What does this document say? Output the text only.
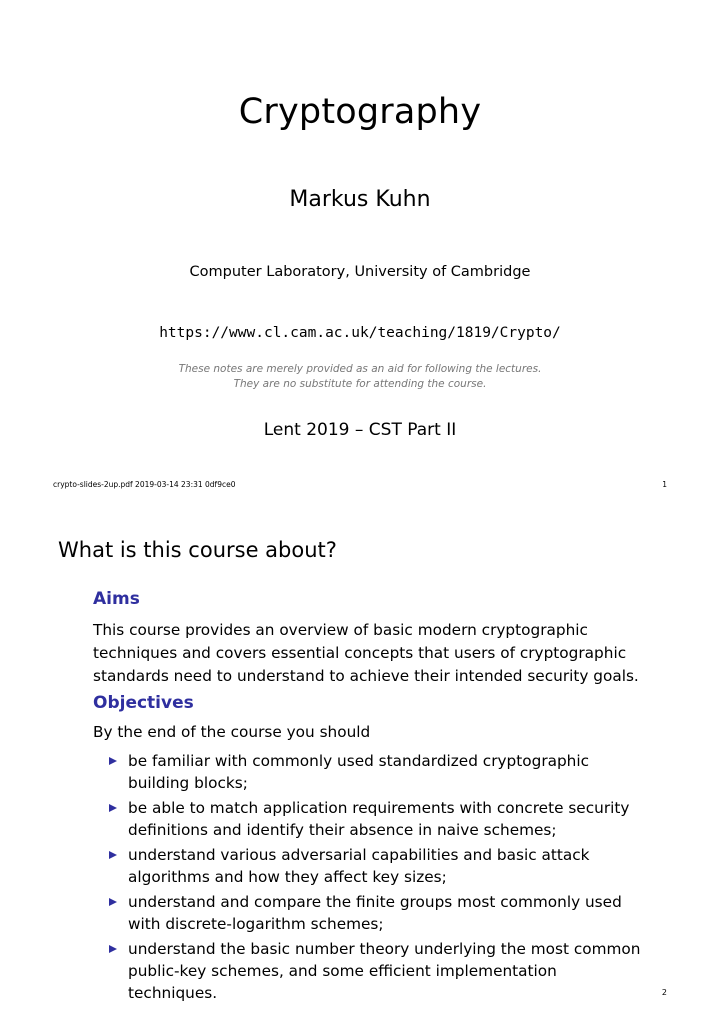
Cryptography
Markus Kuhn
Computer Laboratory, University of Cambridge
https://www.cl.cam.ac.uk/teaching/1819/Crypto/
These notes are merely provided as an aid for following the lectures.
They are no substitute for attending the course.
Lent 2019 – CST Part II
crypto-slides-2up.pdf 2019-03-14 23:31 0df9ce0	1
What is this course about?
Aims
This course provides an overview of basic modern cryptographic techniques and covers essential concepts that users of cryptographic standards need to understand to achieve their intended security goals.
Objectives
By the end of the course you should
be familiar with commonly used standardized cryptographic building blocks;
be able to match application requirements with concrete security definitions and identify their absence in naive schemes;
understand various adversarial capabilities and basic attack algorithms and how they affect key sizes;
understand and compare the finite groups most commonly used with discrete-logarithm schemes;
understand the basic number theory underlying the most common public-key schemes, and some efficient implementation techniques.	2
